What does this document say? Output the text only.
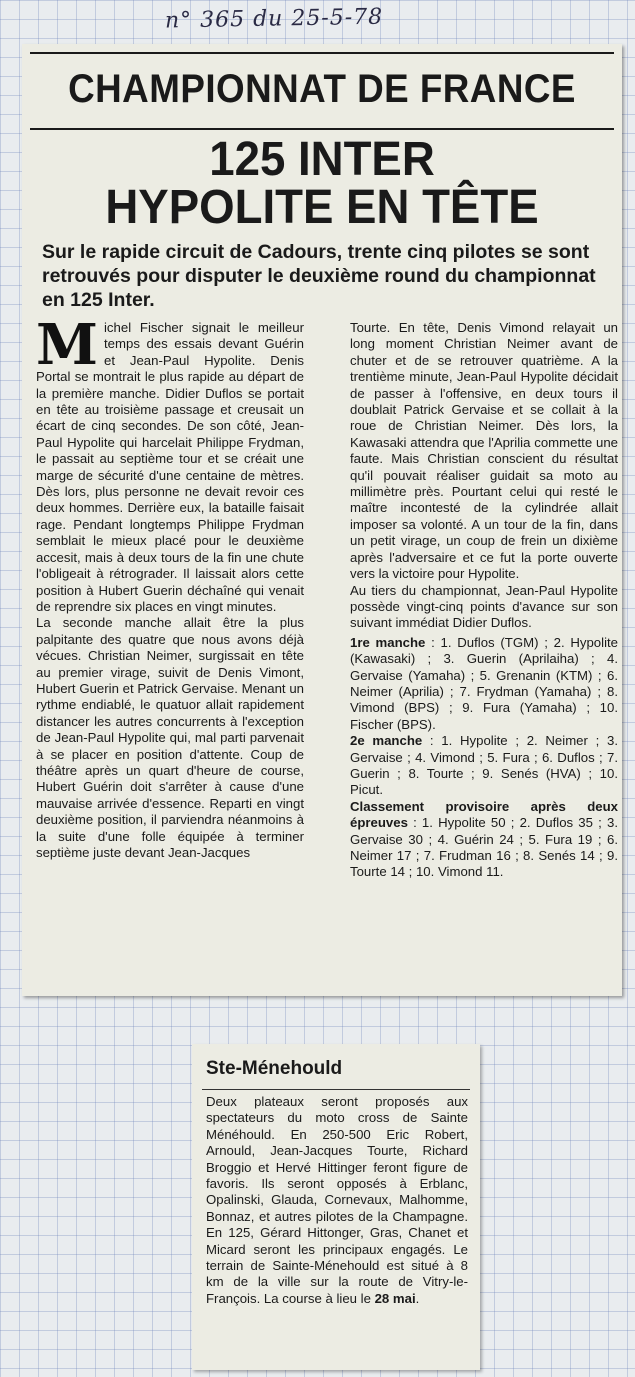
n° 365 du 25-5-78
CHAMPIONNAT DE FRANCE
125 INTER
HYPOLITE EN TÊTE
Sur le rapide circuit de Cadours, trente cinq pilotes se sont retrouvés pour disputer le deuxième round du championnat en 125 Inter.

Michel Fischer signait le meilleur temps des essais devant Guérin et Jean-Paul Hypolite. Denis Portal se montrait le plus rapide au départ de la première manche. Didier Duflos se portait en tête au troisième passage et creusait un écart de cinq secondes. De son côté, Jean-Paul Hypolite qui harcelait Philippe Frydman, le passait au septième tour et se créait une marge de sécurité d'une centaine de mètres. Dès lors, plus personne ne devait revoir ces deux hommes. Derrière eux, la bataille faisait rage. Pendant longtemps Philippe Frydman semblait le mieux placé pour le deuxième accesit, mais à deux tours de la fin une chute l'obligeait à rétrograder. Il laissait alors cette position à Hubert Guerin déchaîné qui venait de reprendre six places en vingt minutes.

La seconde manche allait être la plus palpitante des quatre que nous avons déjà vécues. Christian Neimer, surgissait en tête au premier virage, suivit de Denis Vimont, Hubert Guerin et Patrick Gervaise. Menant un rythme endiablé, le quatuor allait rapidement distancer les autres concurrents à l'exception de Jean-Paul Hypolite qui, mal parti parvenait à se placer en position d'attente. Coup de théâtre après un quart d'heure de course, Hubert Guérin doit s'arrêter à cause d'une mauvaise arrivée d'essence. Reparti en vingt deuxième position, il parviendra néanmoins à la suite d'une folle équipée à terminer septième juste devant Jean-Jacques

Tourte. En tête, Denis Vimond relayait un long moment Christian Neimer avant de chuter et de se retrouver quatrième. A la trentième minute, Jean-Paul Hypolite décidait de passer à l'offensive, en deux tours il doublait Patrick Gervaise et se collait à la roue de Christian Neimer. Dès lors, la Kawasaki attendra que l'Aprilia commette une faute. Mais Christian conscient du résultat qu'il pouvait réaliser guidait sa moto au millimètre près. Pourtant celui qui resté le maître incontesté de la cylindrée allait imposer sa volonté. A un tour de la fin, dans un petit virage, un coup de frein un dixième après l'adversaire et ce fut la porte ouverte vers la victoire pour Hypolite.

Au tiers du championnat, Jean-Paul Hypolite possède vingt-cinq points d'avance sur son suivant immédiat Didier Duflos.

1re manche : 1. Duflos (TGM) ; 2. Hypolite (Kawasaki) ; 3. Guerin (Aprilaiha) ; 4. Gervaise (Yamaha) ; 5. Grenanin (KTM) ; 6. Neimer (Aprilia) ; 7. Frydman (Yamaha) ; 8. Vimond (BPS) ; 9. Fura (Yamaha) ; 10. Fischer (BPS).

2e manche : 1. Hypolite ; 2. Neimer ; 3. Gervaise ; 4. Vimond ; 5. Fura ; 6. Duflos ; 7. Guerin ; 8. Tourte ; 9. Senés (HVA) ; 10. Picut.

Classement provisoire après deux épreuves : 1. Hypolite 50 ; 2. Duflos 35 ; 3. Gervaise 30 ; 4. Guérin 24 ; 5. Fura 19 ; 6. Neimer 17 ; 7. Frudman 16 ; 8. Senés 14 ; 9. Tourte 14 ; 10. Vimond 11.

Ste-Ménehould
Deux plateaux seront proposés aux spectateurs du moto cross de Sainte Ménéhould. En 250-500 Eric Robert, Arnould, Jean-Jacques Tourte, Richard Broggio et Hervé Hittinger feront figure de favoris. Ils seront opposés à Erblanc, Opalinski, Glauda, Cornevaux, Malhomme, Bonnaz, et autres pilotes de la Champagne. En 125, Gérard Hittonger, Gras, Chanet et Micard seront les principaux engagés. Le terrain de Sainte-Ménehould est situé à 8 km de la ville sur la route de Vitry-le-François. La course à lieu le 28 mai.
